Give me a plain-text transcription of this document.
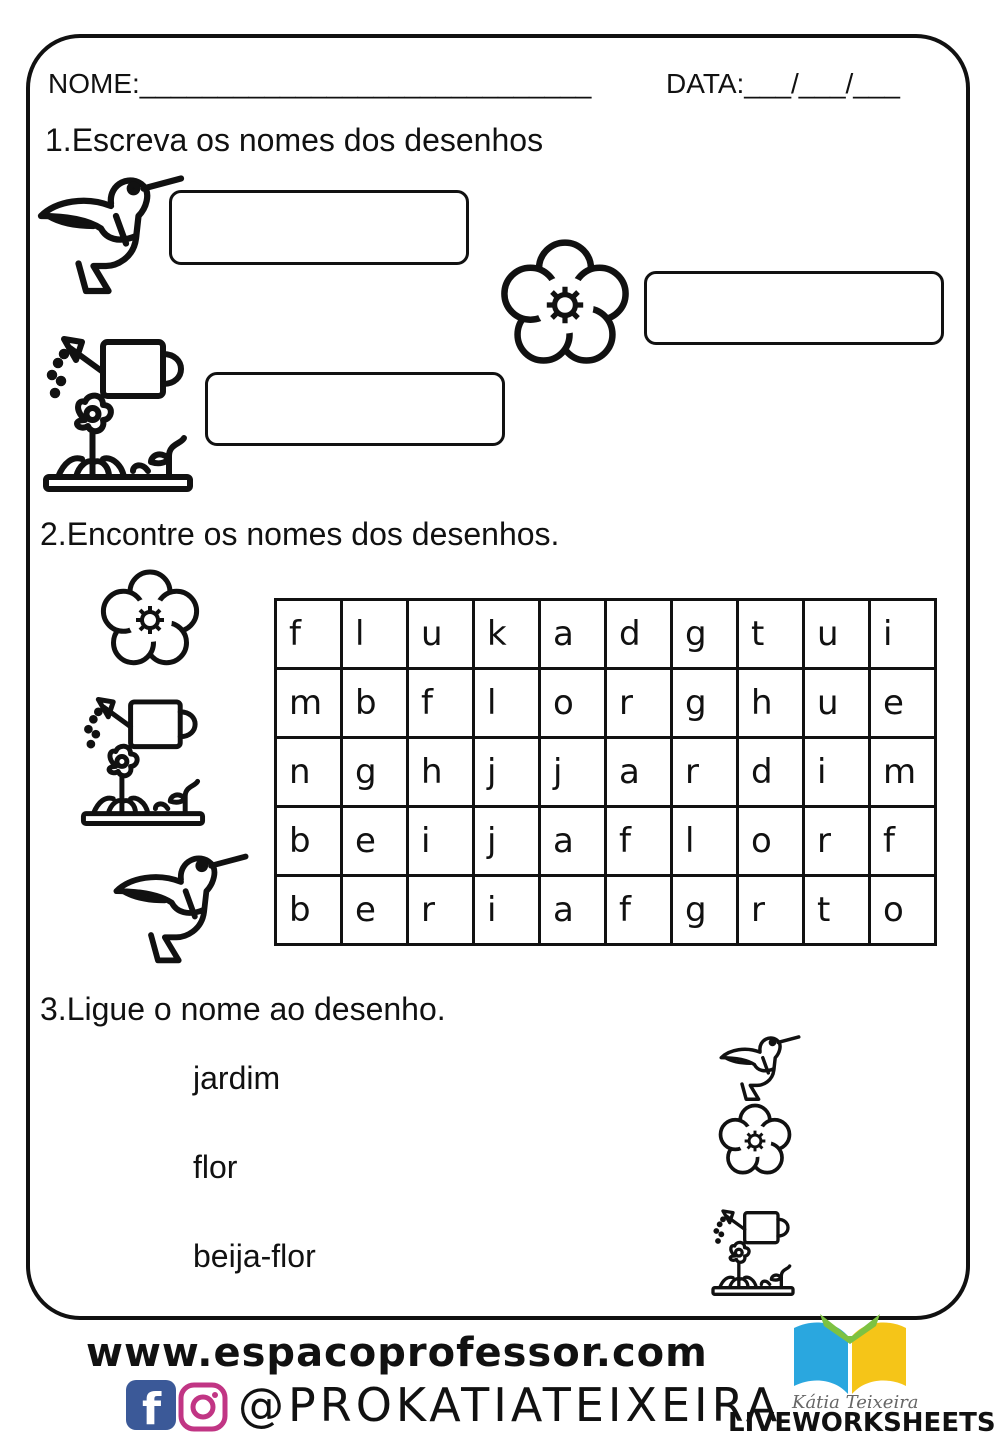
NOME:_____________________________	DATA:___/___/___
1.Escreva os nomes dos desenhos
2.Encontre os nomes dos desenhos.
f	l	u	k	a	d	g	t	u	i
m	b	f	l	o	r	g	h	u	e
n	g	h	j	j	a	r	d	i	m
b	e	i	j	a	f	l	o	r	f
b	e	r	i	a	f	g	r	t	o
3.Ligue o nome ao desenho.
jardim
flor
beija-flor
www.espacoprofessor.com
f @PROKATIATEIXEIRA Kátia Teixeira
LIVEWORKSHEETS
